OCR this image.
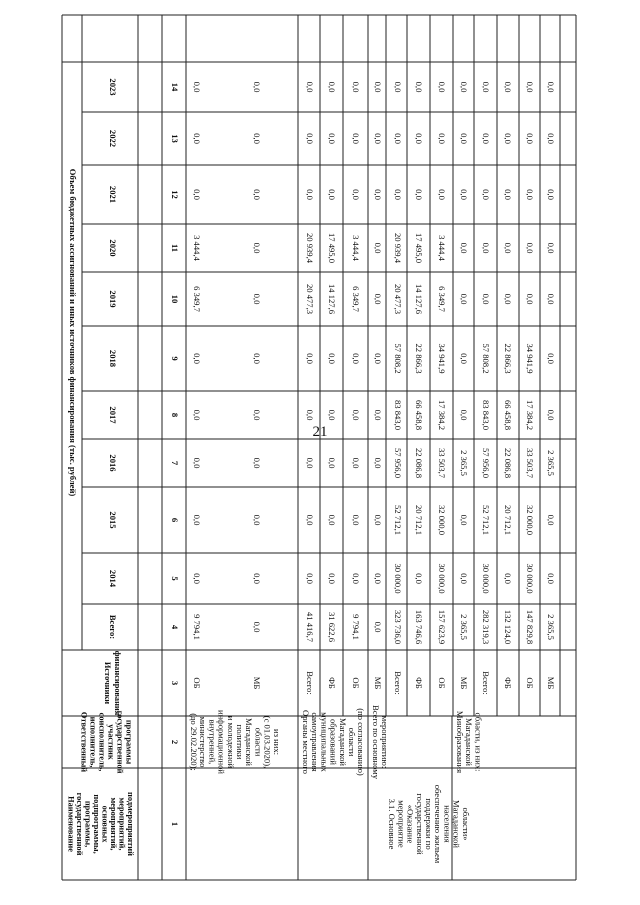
21
Наименование государственной программы, подпрограммы, основных мероприятий, мероприятий, подмероприятий
Ответственный исполнитель, соисполнитель, участник государственной программы
Источники финансирования
Объем бюджетных ассигнований и иных источников финансирования (тыс. рублей)
Всего:
2014
2015
2016
2017
2018
2019
2020
2021
2022
2023
1
2
3
4
5
6
7
8
9
10
11
12
13
14
(до 29.02.2020); министерство внутренней, информационной и молодежной политики Магаданской области (с 01.03.2020), из них: Органы местного самоуправления муниципальных образований Магаданской области (по согласованию)
3.1. Основное мероприятие «Оказание государственной поддержки по обеспечению жильем населения Магаданской области»
Всего по основному мероприятию:	Минобразования Магаданской области, из них:
ОБ
9 794,1
0,0
0,0
0,0
0,0
0,0
6 349,7
3 444,4
0,0
0,0
0,0
МБ
0,0
0,0
0,0
0,0
0,0
0,0
0,0
0,0
0,0
0,0
0,0
Всего:
41 416,7
0,0
0,0
0,0
0,0
0,0
20 477,3
20 939,4
0,0
0,0
0,0
ФБ
31 622,6
0,0
0,0
0,0
0,0
0,0
14 127,6
17 495,0
0,0
0,0
0,0
ОБ
9 794,1
0,0
0,0
0,0
0,0
0,0
6 349,7
3 444,4
0,0
0,0
0,0
МБ
0,0
0,0
0,0
0,0
0,0
0,0
0,0
0,0
0,0
0,0
0,0
Всего:
323 736,0
30 000,0
52 712,1
57 956,0
83 843,0
57 808,2
20 477,3
20 939,4
0,0
0,0
0,0
ФБ
163 746,6
0,0
20 712,1
22 086,8
66 458,8
22 866,3
14 127,6
17 495,0
0,0
0,0
0,0
ОБ
157 623,9
30 000,0
32 000,0
33 503,7
17 384,2
34 941,9
6 349,7
3 444,4
0,0
0,0
0,0
МБ
2 365,5
0,0
0,0
2 365,5
0,0
0,0
0,0
0,0
0,0
0,0
0,0
Всего:
282 319,3
30 000,0
52 712,1
57 956,0
83 843,0
57 808,2
0,0
0,0
0,0
0,0
0,0
ФБ
132 124,0
0,0
20 712,1
22 086,8
66 458,8
22 866,3
0,0
0,0
0,0
0,0
0,0
ОБ
147 829,8
30 000,0
32 000,0
33 503,7
17 384,2
34 941,9
0,0
0,0
0,0
0,0
0,0
МБ
2 365,5
0,0
0,0
2 365,5
0,0
0,0
0,0
0,0
0,0
0,0
0,0
